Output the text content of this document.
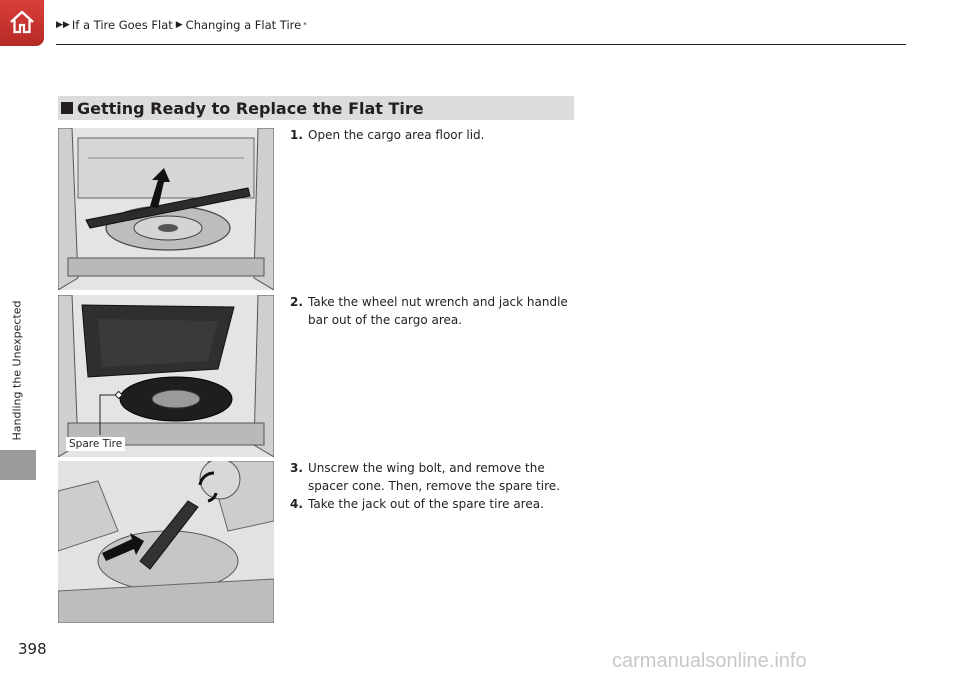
▶▶ If a Tire Goes Flat ▶ Changing a Flat Tire *
Handling the Unexpected
398
Getting Ready to Replace the Flat Tire
Spare Tire
1. Open the cargo area floor lid.
2. Take the wheel nut wrench and jack handle
bar out of the cargo area.
3. Unscrew the wing bolt, and remove the
spacer cone. Then, remove the spare tire.
4. Take the jack out of the spare tire area.
carmanualsonline.info
